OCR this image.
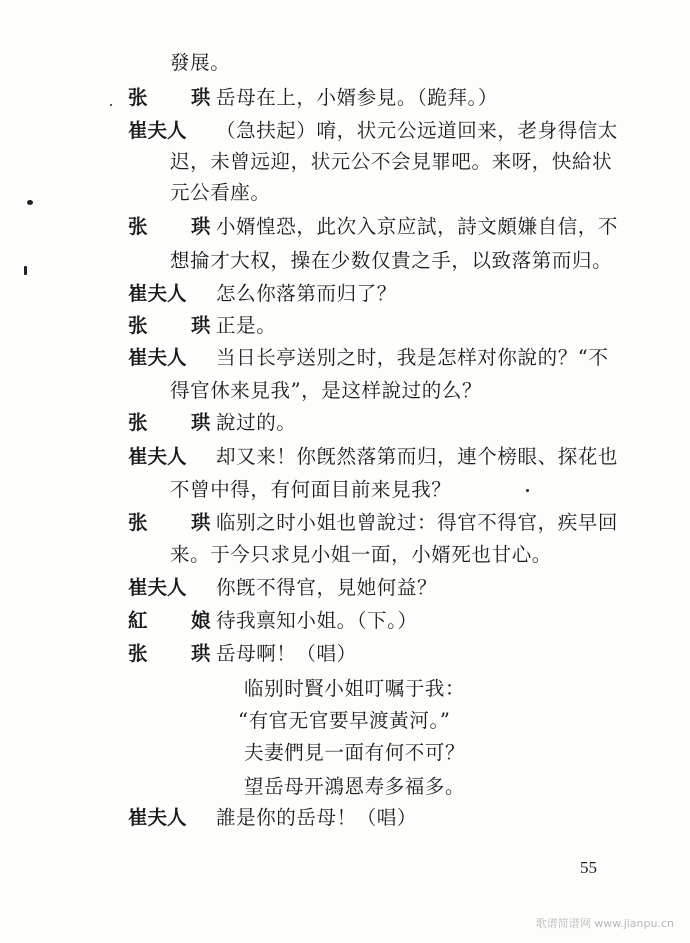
發展。
张　珙
岳母在上，小婿参見。（跪拜。）
崔夫人 （急扶起）唷，状元公远道回来，老身得信太
迟，未曾远迎，状元公不会見罪吧。来呀，快給状
元公看座。
张　珙
小婿惶恐，此次入京应試，詩文頗嫌自信，不
想掄才大权，操在少数仅貴之手，以致落第而归。
崔夫人 怎么你落第而归了？
张　珙
正是。
崔夫人 当日长亭送別之时，我是怎样对你說的？“不
得官休来見我”，是这样說过的么？
张　珙
說过的。
崔夫人 却又来！你旣然落第而归，連个榜眼、探花也
不曾中得，有何面目前来見我？
张　珙
临别之时小姐也曾說过：得官不得官，疾早回
来。于今只求見小姐一面，小婿死也甘心。
崔夫人 你旣不得官，見她何益？
紅　娘
待我禀知小姐。（下。）
张　珙
岳母啊！（唱）
临别时賢小姐叮嘱于我：
“有官无官要早渡黃河。”
夫妻們見一面有何不可？
望岳母开鴻恩寿多福多。
崔夫人 誰是你的岳母！（唱）
55
歌谱简谱网 www.jianpu.cn
